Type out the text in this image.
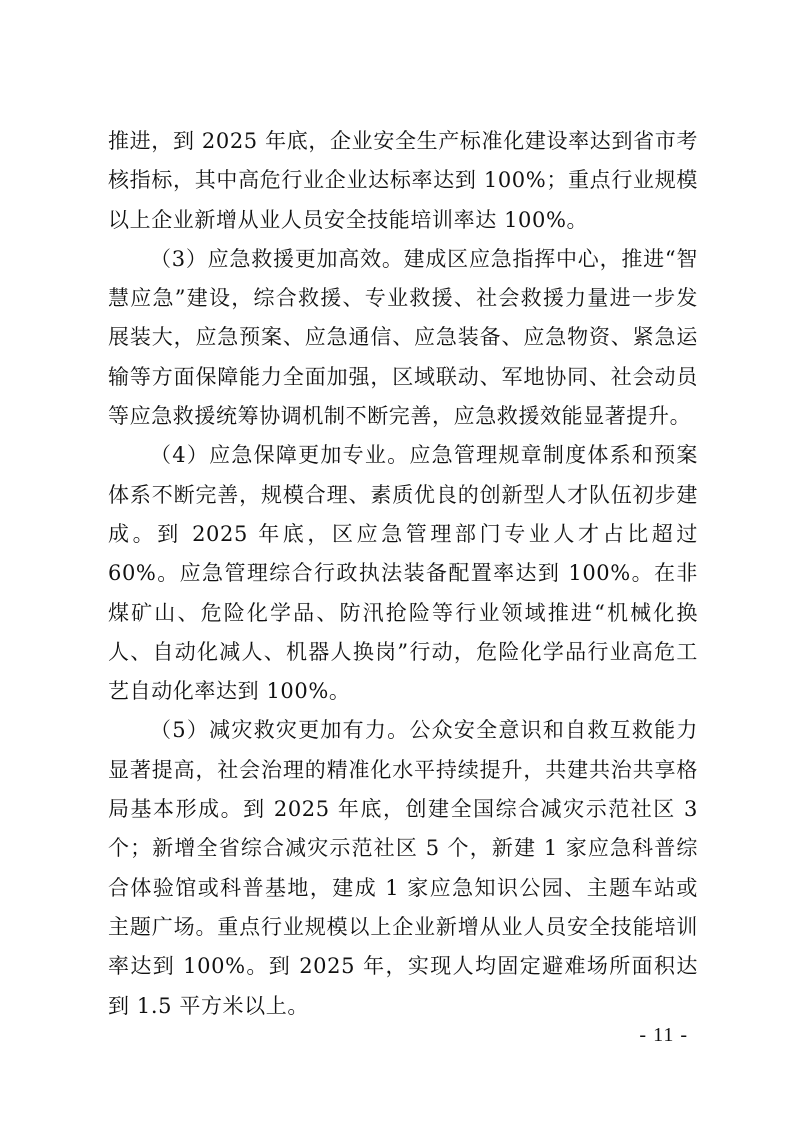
推进，到 2025 年底，企业安全生产标准化建设率达到省市考核指标，其中高危行业企业达标率达到 100%；重点行业规模以上企业新增从业人员安全技能培训率达 100%。

（3）应急救援更加高效。建成区应急指挥中心，推进“智慧应急”建设，综合救援、专业救援、社会救援力量进一步发展装大，应急预案、应急通信、应急装备、应急物资、紧急运输等方面保障能力全面加强，区域联动、军地协同、社会动员等应急救援统筹协调机制不断完善，应急救援效能显著提升。

（4）应急保障更加专业。应急管理规章制度体系和预案体系不断完善，规模合理、素质优良的创新型人才队伍初步建成。到 2025 年底，区应急管理部门专业人才占比超过 60%。应急管理综合行政执法装备配置率达到 100%。在非煤矿山、危险化学品、防汛抢险等行业领域推进“机械化换人、自动化减人、机器人换岗”行动，危险化学品行业高危工艺自动化率达到 100%。

（5）减灾救灾更加有力。公众安全意识和自救互救能力显著提高，社会治理的精准化水平持续提升，共建共治共享格局基本形成。到 2025 年底，创建全国综合减灾示范社区 3 个；新增全省综合减灾示范社区 5 个，新建 1 家应急科普综合体验馆或科普基地，建成 1 家应急知识公园、主题车站或主题广场。重点行业规模以上企业新增从业人员安全技能培训率达到 100%。到 2025 年，实现人均固定避难场所面积达到 1.5 平方米以上。

- 11 -
